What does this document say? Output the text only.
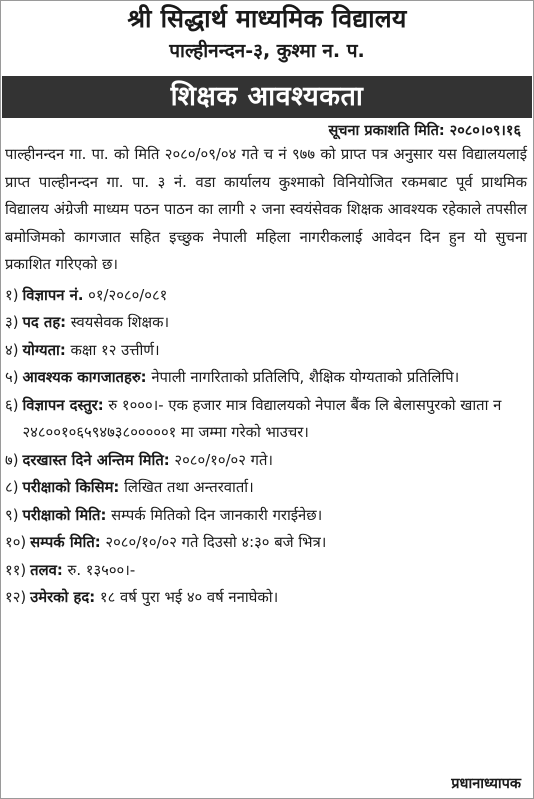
श्री सिद्धार्थ माध्यमिक विद्यालय
पाल्हीनन्दन-३, कुश्मा न. प.
शिक्षक आवश्यकता
सूचना प्रकाशति मिति: २०८०।०९।१६
पाल्हीनन्दन गा. पा. को मिति २०८०/०९/०४ गते च नं ९७७ को प्राप्त पत्र अनुसार यस विद्यालयलाई प्राप्त पाल्हीनन्दन गा. पा. ३ नं. वडा कार्यालय कुश्माको विनियोजित रकमबाट पूर्व प्राथमिक विद्यालय अंग्रेजी माध्यम पठन पाठन का लागी २ जना स्वयंसेवक शिक्षक आवश्यक रहेकाले तपसील बमोजिमको कागजात सहित इच्छुक नेपाली महिला नागरीकलाई आवेदन दिन हुन यो सुचना प्रकाशित गरिएको छ।
१) विज्ञापन नं. ०१/२०८०/०८१
३) पद तह: स्वयसेवक शिक्षक।
४) योग्यता: कक्षा १२ उत्तीर्ण।
५) आवश्यक कागजातहरु: नेपाली नागरिताको प्रतिलिपि, शैक्षिक योग्यताको प्रतिलिपि।
६) विज्ञापन दस्तुर: रु १०००।- एक हजार मात्र विद्यालयको नेपाल बैंक लि बेलासपुरको खाता न २४८००१०६५९४७३८०००००१ मा जम्मा गरेको भाउचर।
७) दरखास्त दिने अन्तिम मिति: २०८०/१०/०२ गते।
८) परीक्षाको किसिम: लिखित तथा अन्तरवार्ता।
९) परीक्षाको मिति: सम्पर्क मितिको दिन जानकारी गराईनेछ।
१०) सम्पर्क मिति: २०८०/१०/०२ गते दिउसो ४:३० बजे भित्र।
११) तलव: रु. १३५००।-
१२) उमेरको हद: १८ वर्ष पुरा भई ४० वर्ष ननाघेको।
प्रधानाध्यापक
